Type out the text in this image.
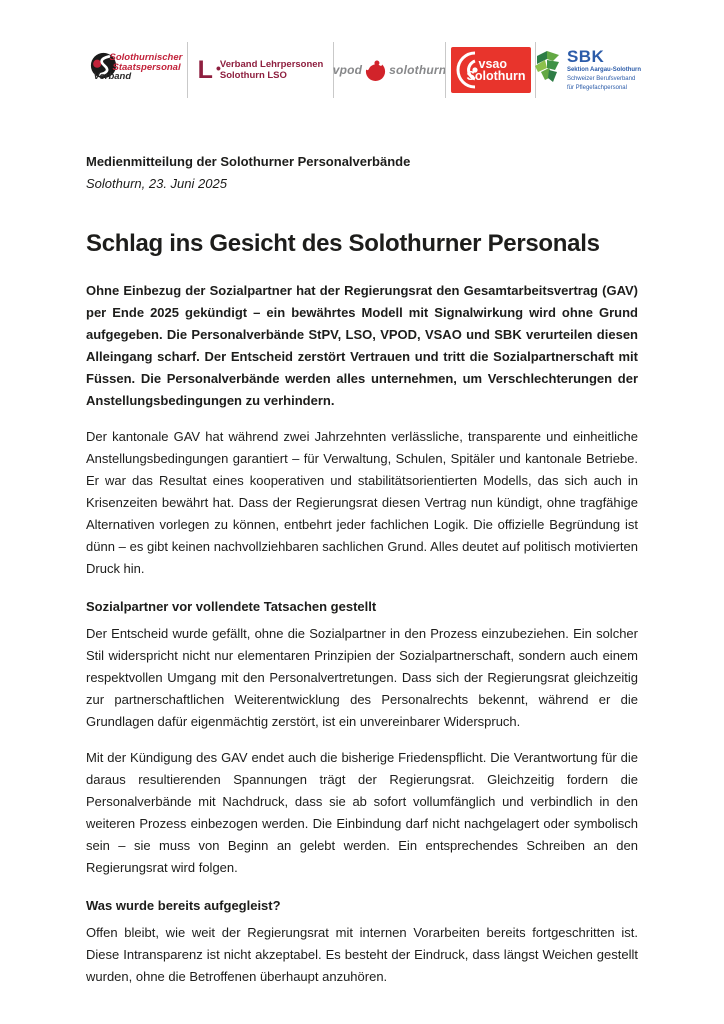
Solothurnischer
Staatspersonal
Verband	L • Verband Lehrpersonen
Solothurn LSO	vpod solothurn	vsao
Solothurn
SBK
Sektion Aargau-Solothurn
Schweizer Berufsverband
für Pflegefachpersonal
Medienmitteilung der Solothurner Personalverbände
Solothurn, 23. Juni 2025
Schlag ins Gesicht des Solothurner Personals

Ohne Einbezug der Sozialpartner hat der Regierungsrat den Gesamtarbeitsvertrag (GAV) per Ende 2025 gekündigt – ein bewährtes Modell mit Signalwirkung wird ohne Grund aufgegeben. Die Personalverbände StPV, LSO, VPOD, VSAO und SBK verurteilen diesen Alleingang scharf. Der Entscheid zerstört Vertrauen und tritt die Sozialpartnerschaft mit Füssen. Die Personalverbände werden alles unternehmen, um Verschlechterungen der Anstellungsbedingungen zu verhindern.

Der kantonale GAV hat während zwei Jahrzehnten verlässliche, transparente und einheitliche Anstellungsbedingungen garantiert – für Verwaltung, Schulen, Spitäler und kantonale Betriebe. Er war das Resultat eines kooperativen und stabilitätsorientierten Modells, das sich auch in Krisenzeiten bewährt hat. Dass der Regierungsrat diesen Vertrag nun kündigt, ohne tragfähige Alternativen vorlegen zu können, entbehrt jeder fachlichen Logik. Die offizielle Begründung ist dünn – es gibt keinen nachvollziehbaren sachlichen Grund. Alles deutet auf politisch motivierten Druck hin.

Sozialpartner vor vollendete Tatsachen gestellt

Der Entscheid wurde gefällt, ohne die Sozialpartner in den Prozess einzubeziehen. Ein solcher Stil widerspricht nicht nur elementaren Prinzipien der Sozialpartnerschaft, sondern auch einem respektvollen Umgang mit den Personalvertretungen. Dass sich der Regierungsrat gleichzeitig zur partnerschaftlichen Weiterentwicklung des Personalrechts bekennt, während er die Grundlagen dafür eigenmächtig zerstört, ist ein unvereinbarer Widerspruch.

Mit der Kündigung des GAV endet auch die bisherige Friedenspflicht. Die Verantwortung für die daraus resultierenden Spannungen trägt der Regierungsrat. Gleichzeitig fordern die Personalverbände mit Nachdruck, dass sie ab sofort vollumfänglich und verbindlich in den weiteren Prozess einbezogen werden. Die Einbindung darf nicht nachgelagert oder symbolisch sein – sie muss von Beginn an gelebt werden. Ein entsprechendes Schreiben an den Regierungsrat wird folgen.

Was wurde bereits aufgegleist?

Offen bleibt, wie weit der Regierungsrat mit internen Vorarbeiten bereits fortgeschritten ist. Diese Intransparenz ist nicht akzeptabel. Es besteht der Eindruck, dass längst Weichen gestellt wurden, ohne die Betroffenen überhaupt anzuhören.
